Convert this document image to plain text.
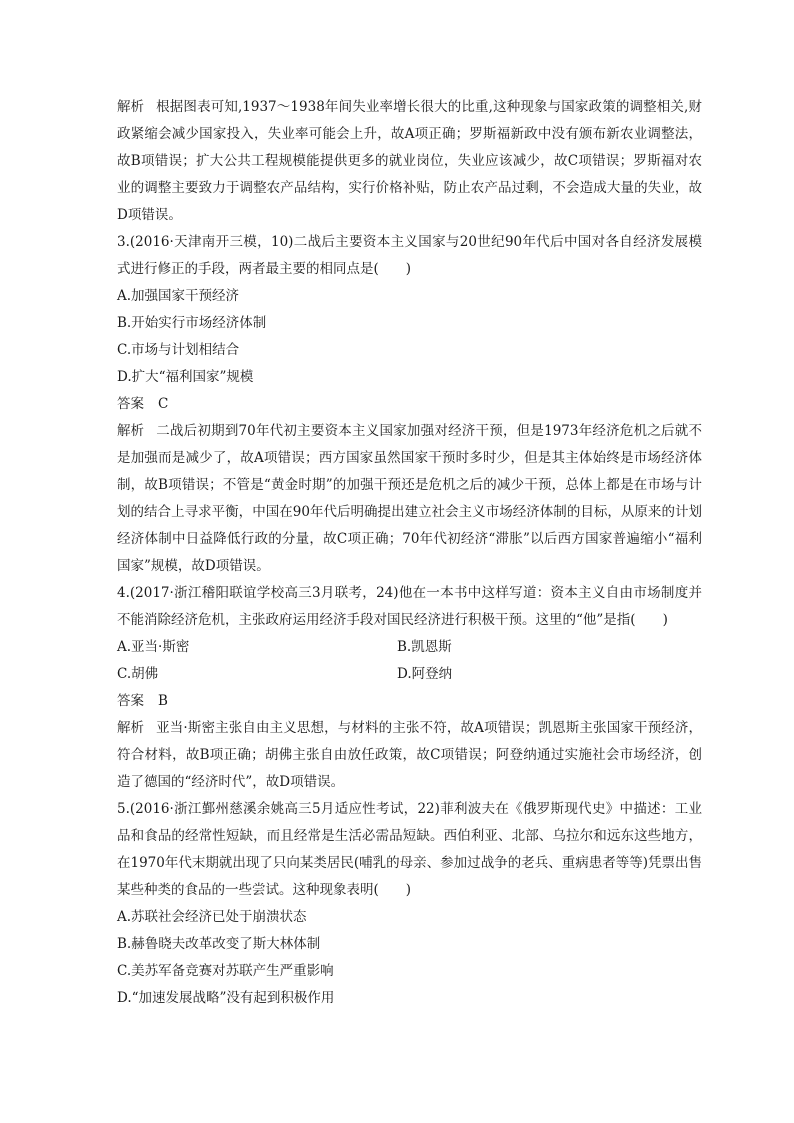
解析 根据图表可知,1937～1938年间失业率增长很大的比重,这种现象与国家政策的调整相关,财政紧缩会减少国家投入，失业率可能会上升，故A项正确；罗斯福新政中没有颁布新农业调整法，故B项错误；扩大公共工程规模能提供更多的就业岗位，失业应该减少，故C项错误；罗斯福对农业的调整主要致力于调整农产品结构，实行价格补贴，防止农产品过剩，不会造成大量的失业，故D项错误。

3.(2016·天津南开三模，10)二战后主要资本主义国家与20世纪90年代后中国对各自经济发展模式进行修正的手段，两者最主要的相同点是(　　)

A.加强国家干预经济

B.开始实行市场经济体制

C.市场与计划相结合

D.扩大“福利国家”规模

答案 C

解析 二战后初期到70年代初主要资本主义国家加强对经济干预，但是1973年经济危机之后就不是加强而是减少了，故A项错误；西方国家虽然国家干预时多时少，但是其主体始终是市场经济体制，故B项错误；不管是“黄金时期”的加强干预还是危机之后的减少干预，总体上都是在市场与计划的结合上寻求平衡，中国在90年代后明确提出建立社会主义市场经济体制的目标，从原来的计划经济体制中日益降低行政的分量，故C项正确；70年代初经济“滞胀”以后西方国家普遍缩小“福利国家”规模，故D项错误。

4.(2017·浙江稽阳联谊学校高三3月联考，24)他在一本书中这样写道：资本主义自由市场制度并不能消除经济危机，主张政府运用经济手段对国民经济进行积极干预。这里的“他”是指(　　)

A.亚当·斯密	B.凯恩斯

C.胡佛	D.阿登纳

答案 B

解析 亚当·斯密主张自由主义思想，与材料的主张不符，故A项错误；凯恩斯主张国家干预经济，符合材料，故B项正确；胡佛主张自由放任政策，故C项错误；阿登纳通过实施社会市场经济，创造了德国的“经济时代”，故D项错误。

5.(2016·浙江鄞州慈溪余姚高三5月适应性考试，22)菲利波夫在《俄罗斯现代史》中描述：工业品和食品的经常性短缺，而且经常是生活必需品短缺。西伯利亚、北部、乌拉尔和远东这些地方，在1970年代末期就出现了只向某类居民(哺乳的母亲、参加过战争的老兵、重病患者等等)凭票出售某些种类的食品的一些尝试。这种现象表明(　　)

A.苏联社会经济已处于崩溃状态

B.赫鲁晓夫改革改变了斯大林体制

C.美苏军备竞赛对苏联产生严重影响

D.“加速发展战略”没有起到积极作用
